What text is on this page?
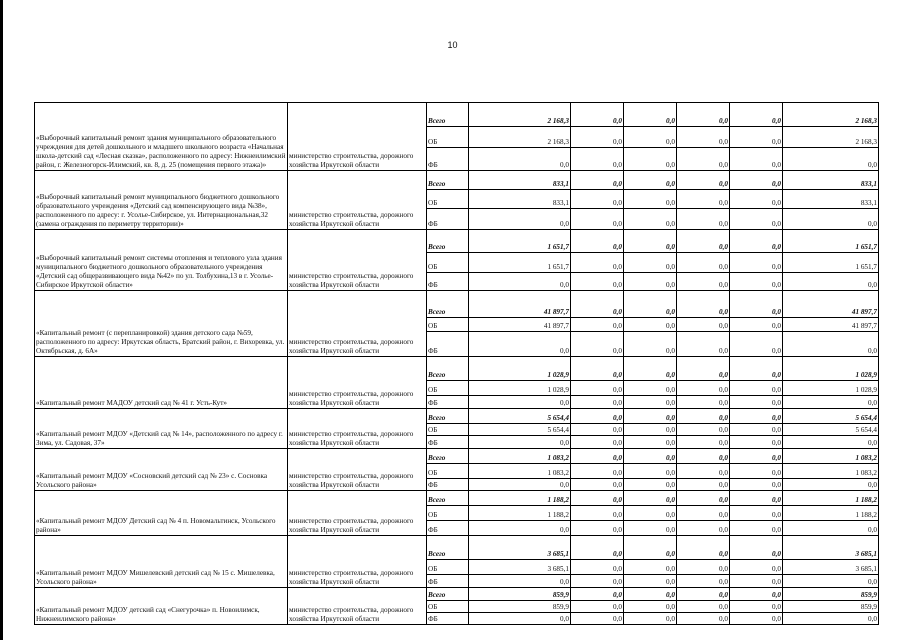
10
«Выборочный капитальный ремонт здания муниципального образовательного учреждения для детей дошкольного и младшего школьного возраста «Начальная школа-детский сад «Лесная сказка», расположенного по адресу: Нижнеилимский район, г. Железногорск-Илимский, кв. 8, д. 25 (помещения первого этажа)»	министерство строительства, дорожного хозяйства Иркутской области	Всего	2 168,3	0,0	0,0	0,0	0,0	2 168,3
		ОБ	2 168,3	0,0	0,0	0,0	0,0	2 168,3
		ФБ	0,0	0,0	0,0	0,0	0,0	0,0
«Выборочный капитальный ремонт муниципального бюджетного дошкольного образовательного учреждения «Детский сад компенсирующего вида №38», расположенного по адресу: г. Усолье-Сибирское, ул. Интернациональная,32 (замена ограждения по периметру территории)»	министерство строительства, дорожного хозяйства Иркутской области	Всего	833,1	0,0	0,0	0,0	0,0	833,1
		ОБ	833,1	0,0	0,0	0,0	0,0	833,1
		ФБ	0,0	0,0	0,0	0,0	0,0	0,0
«Выборочный капитальный ремонт системы отопления и теплового узла здания муниципального бюджетного дошкольного образовательного учреждения «Детский сад общеразвивающего вида №42» по ул. Толбухина,13 в г. Усолье-Сибирское Иркутской области»	министерство строительства, дорожного хозяйства Иркутской области	Всего	1 651,7	0,0	0,0	0,0	0,0	1 651,7
		ОБ	1 651,7	0,0	0,0	0,0	0,0	1 651,7
		ФБ	0,0	0,0	0,0	0,0	0,0	0,0
«Капитальный ремонт (с перепланировкой) здания детского сада №59, расположенного по адресу: Иркутская область, Братский район, г. Вихоревка, ул. Октябрьская, д. 6А»	министерство строительства, дорожного хозяйства Иркутской области	Всего	41 897,7	0,0	0,0	0,0	0,0	41 897,7
		ОБ	41 897,7	0,0	0,0	0,0	0,0	41 897,7
		ФБ	0,0	0,0	0,0	0,0	0,0	0,0
«Капитальный ремонт МАДОУ детский сад № 41 г. Усть-Кут»	министерство строительства, дорожного хозяйства Иркутской области	Всего	1 028,9	0,0	0,0	0,0	0,0	1 028,9
		ОБ	1 028,9	0,0	0,0	0,0	0,0	1 028,9
		ФБ	0,0	0,0	0,0	0,0	0,0	0,0
«Капитальный ремонт МДОУ «Детский сад № 14», расположенного по адресу г. Зима, ул. Садовая, 37»	министерство строительства, дорожного хозяйства Иркутской области	Всего	5 654,4	0,0	0,0	0,0	0,0	5 654,4
		ОБ	5 654,4	0,0	0,0	0,0	0,0	5 654,4
		ФБ	0,0	0,0	0,0	0,0	0,0	0,0
«Капитальный ремонт МДОУ «Сосновский детский сад № 23» с. Сосновка Усольского района»	министерство строительства, дорожного хозяйства Иркутской области	Всего	1 083,2	0,0	0,0	0,0	0,0	1 083,2
		ОБ	1 083,2	0,0	0,0	0,0	0,0	1 083,2
		ФБ	0,0	0,0	0,0	0,0	0,0	0,0
«Капитальный ремонт МДОУ Детский сад № 4 п. Новомальтинск, Усольского района»	министерство строительства, дорожного хозяйства Иркутской области	Всего	1 188,2	0,0	0,0	0,0	0,0	1 188,2
		ОБ	1 188,2	0,0	0,0	0,0	0,0	1 188,2
		ФБ	0,0	0,0	0,0	0,0	0,0	0,0
«Капитальный ремонт МДОУ Мишелевский детский сад № 15 с. Мишелевка, Усольского района»	министерство строительства, дорожного хозяйства Иркутской области	Всего	3 685,1	0,0	0,0	0,0	0,0	3 685,1
		ОБ	3 685,1	0,0	0,0	0,0	0,0	3 685,1
		ФБ	0,0	0,0	0,0	0,0	0,0	0,0
«Капитальный ремонт МДОУ детский сад «Снегурочка» п. Новоилимск, Нижнеилимского района»	министерство строительства, дорожного хозяйства Иркутской области	Всего	859,9	0,0	0,0	0,0	0,0	859,9
		ОБ	859,9	0,0	0,0	0,0	0,0	859,9
		ФБ	0,0	0,0	0,0	0,0	0,0	0,0
